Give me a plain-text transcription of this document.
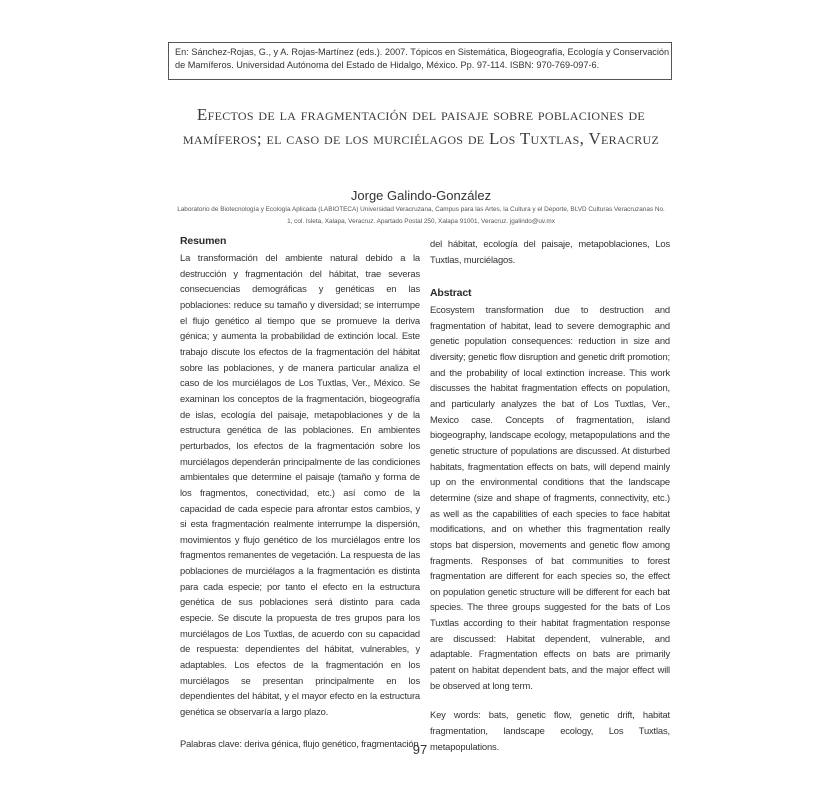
En: Sánchez-Rojas, G., y A. Rojas-Martínez (eds.). 2007. Tópicos en Sistemática, Biogeografía, Ecología y Conservación de Mamíferos. Universidad Autónoma del Estado de Hidalgo, México. Pp. 97-114. ISBN: 970-769-097-6.
Efectos de la fragmentación del paisaje sobre poblaciones de mamíferos; el caso de los murciélagos de Los Tuxtlas, Veracruz
Jorge Galindo-González
Laboratorio de Biotecnología y Ecología Aplicada (LABIOTECA) Universidad Veracruzana, Campus para las Artes, la Cultura y el Deporte, BLVD Culturas Veracruzanas No. 1, col. Isleta, Xalapa, Veracruz. Apartado Postal 250, Xalapa 91001, Veracruz. jgalindo@uv.mx
Resumen

La transformación del ambiente natural debido a la destrucción y fragmentación del hábitat, trae severas consecuencias demográficas y genéticas en las poblaciones: reduce su tamaño y diversidad; se interrumpe el flujo genético al tiempo que se promueve la deriva génica; y aumenta la probabilidad de extinción local. Este trabajo discute los efectos de la fragmentación del hábitat sobre las poblaciones, y de manera particular analiza el caso de los murciélagos de Los Tuxtlas, Ver., México. Se examinan los conceptos de la fragmentación, biogeografía de islas, ecología del paisaje, metapoblaciones y de la estructura genética de las poblaciones. En ambientes perturbados, los efectos de la fragmentación sobre los murciélagos dependerán principalmente de las condiciones ambientales que determine el paisaje (tamaño y forma de los fragmentos, conectividad, etc.) así como de la capacidad de cada especie para afrontar estos cambios, y si esta fragmentación realmente interrumpe la dispersión, movimientos y flujo genético de los murciélagos entre los fragmentos remanentes de vegetación. La respuesta de las poblaciones de murciélagos a la fragmentación es distinta para cada especie; por tanto el efecto en la estructura genética de sus poblaciones será distinto para cada especie. Se discute la propuesta de tres grupos para los murciélagos de Los Tuxtlas, de acuerdo con su capacidad de respuesta: dependientes del hábitat, vulnerables, y adaptables. Los efectos de la fragmentación en los murciélagos se presentan principalmente en los dependientes del hábitat, y el mayor efecto en la estructura genética se observaría a largo plazo.

Palabras clave: deriva génica, flujo genético, fragmentación

Abstract

Ecosystem transformation due to destruction and fragmentation of habitat, lead to severe demographic and genetic population consequences: reduction in size and diversity; genetic flow disruption and genetic drift promotion; and the probability of local extinction increase. This work discusses the habitat fragmentation effects on population, and particularly analyzes the bat of Los Tuxtlas, Ver., Mexico case. Concepts of fragmentation, island biogeography, landscape ecology, metapopulations and the genetic structure of populations are discussed. At disturbed habitats, fragmentation effects on bats, will depend mainly up on the environmental conditions that the landscape determine (size and shape of fragments, connectivity, etc.) as well as the capabilities of each species to face habitat modifications, and on whether this fragmentation really stops bat dispersion, movements and genetic flow among fragments. Responses of bat communities to forest fragmentation are different for each species so, the effect on population genetic structure will be different for each bat species. The three groups suggested for the bats of Los Tuxtlas according to their habitat fragmentation response are discussed: Habitat dependent, vulnerable, and adaptable. Fragmentation effects on bats are primarily patent on habitat dependent bats, and the major effect will be observed at long term.

Key words: bats, genetic flow, genetic drift, habitat fragmentation, landscape ecology, Los Tuxtlas, metapopulations.

97
del hábitat, ecología del paisaje, metapoblaciones, Los Tuxtlas, murciélagos.
